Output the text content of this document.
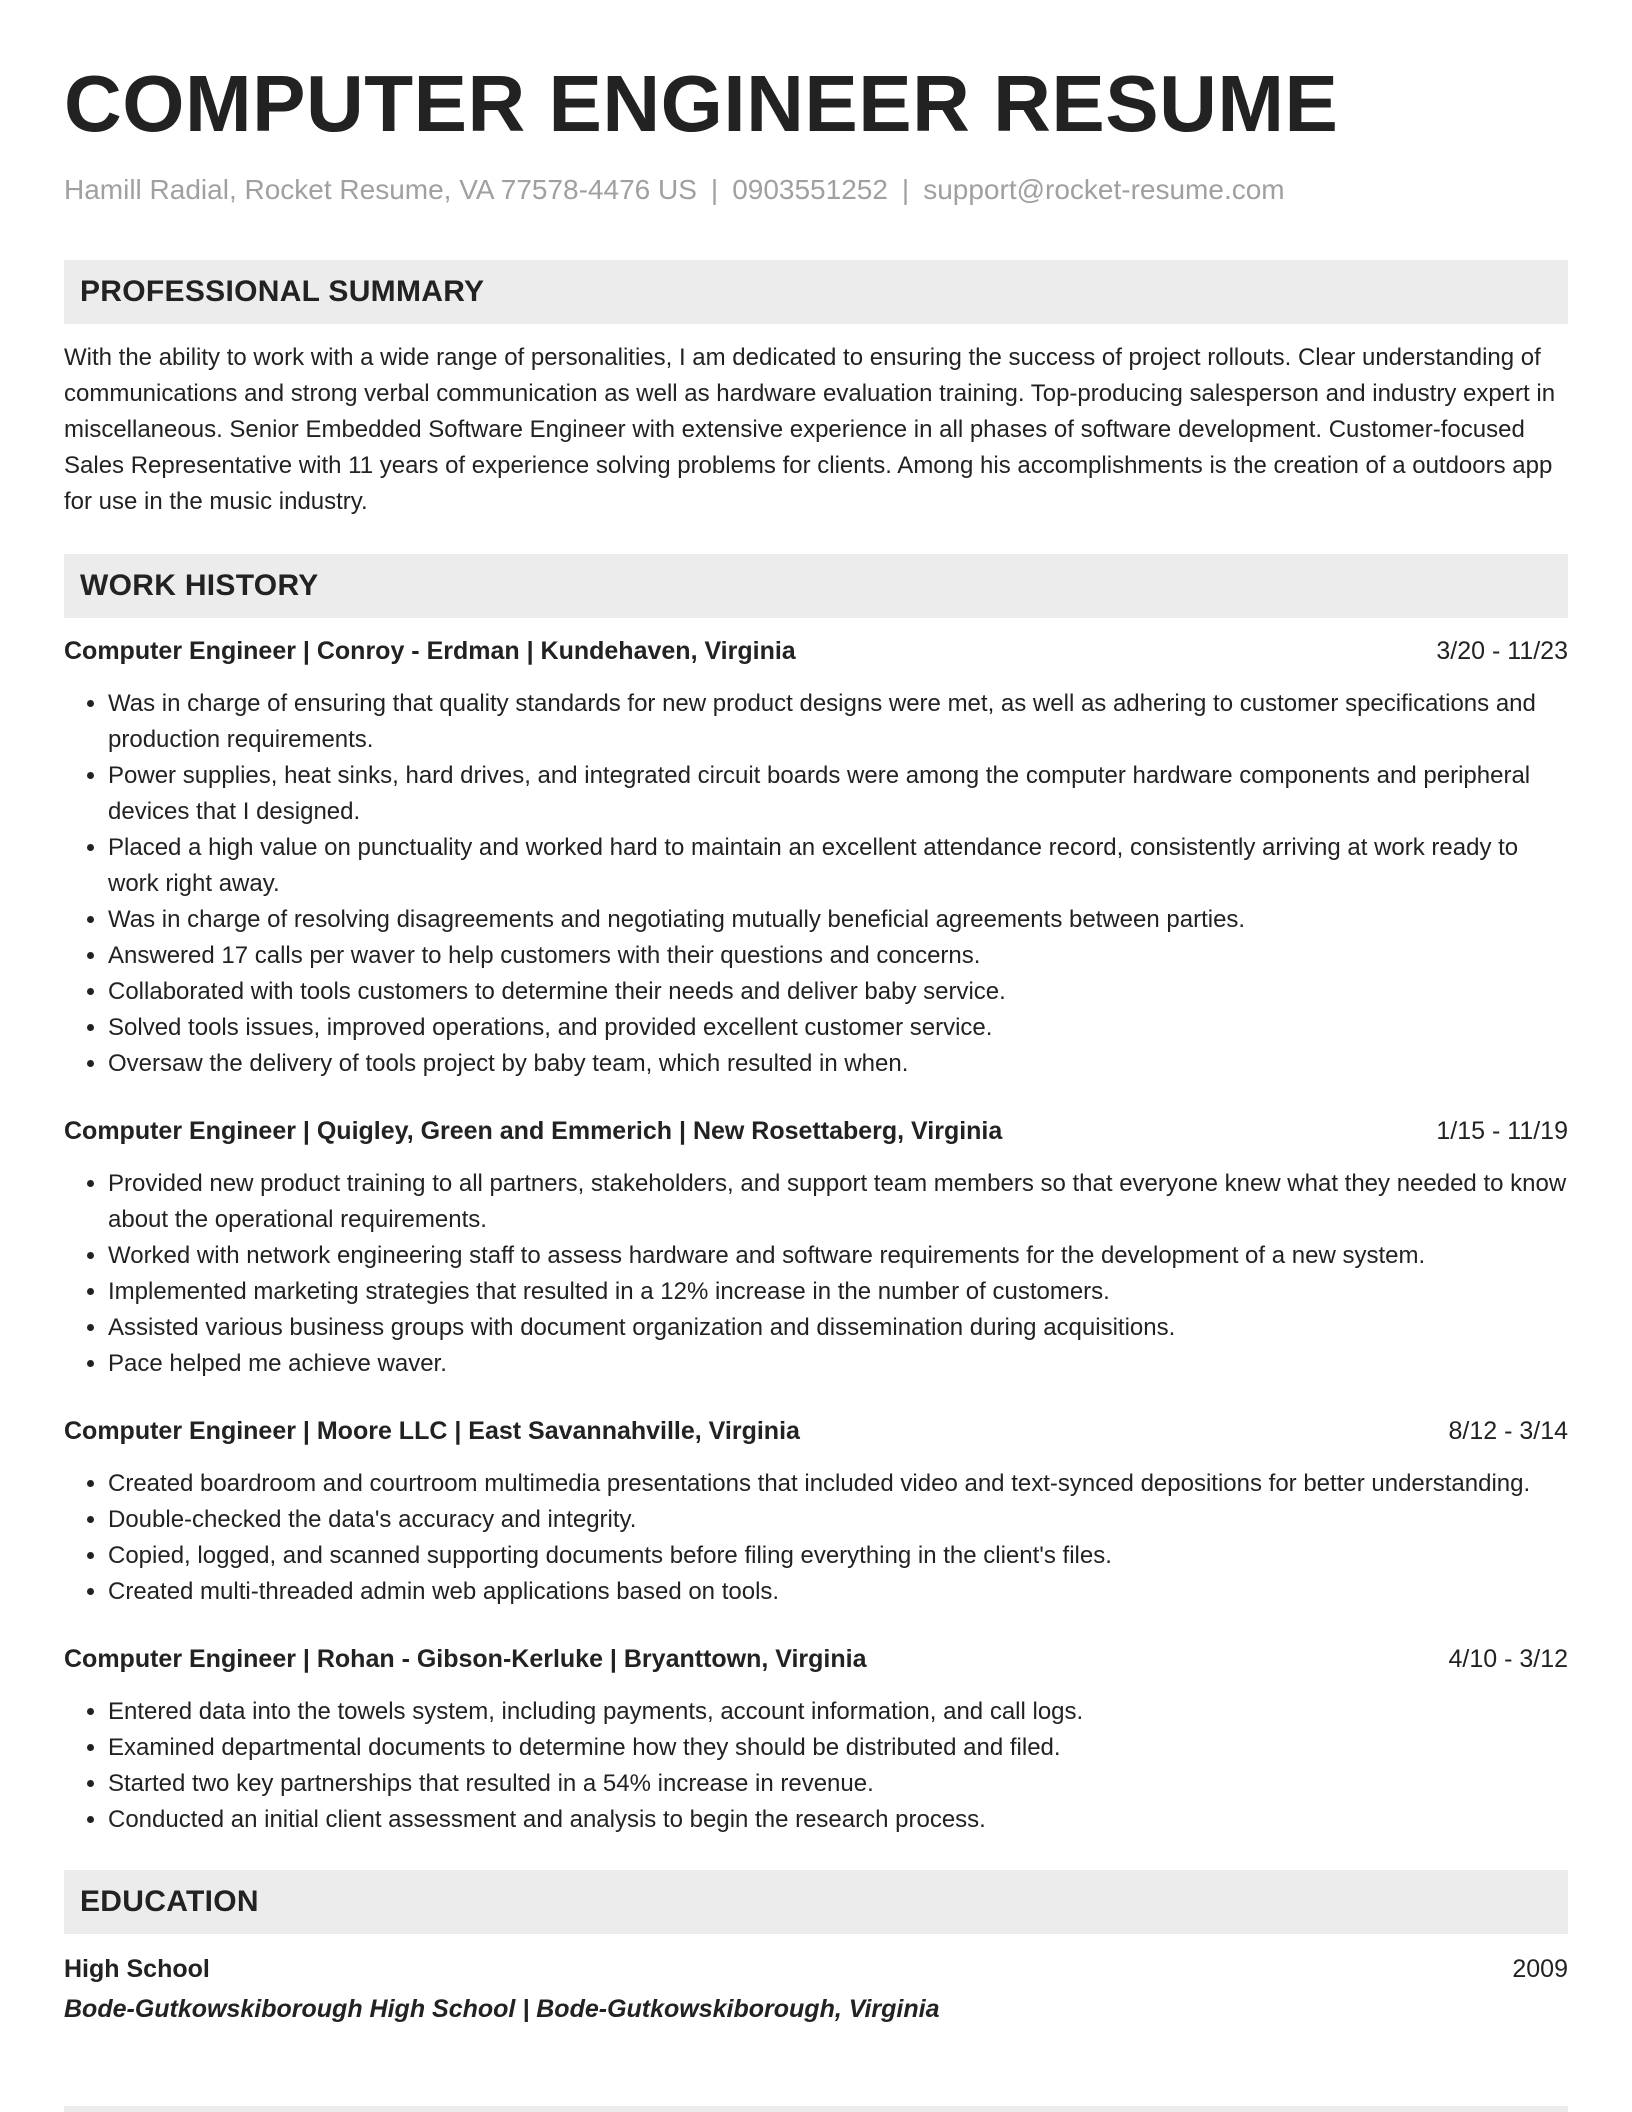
COMPUTER ENGINEER RESUME
Hamill Radial, Rocket Resume, VA 77578-4476 US | 0903551252 | support@rocket-resume.com
PROFESSIONAL SUMMARY

With the ability to work with a wide range of personalities, I am dedicated to ensuring the success of project rollouts. Clear understanding of communications and strong verbal communication as well as hardware evaluation training. Top-producing salesperson and industry expert in miscellaneous. Senior Embedded Software Engineer with extensive experience in all phases of software development. Customer-focused Sales Representative with 11 years of experience solving problems for clients. Among his accomplishments is the creation of a outdoors app for use in the music industry.

WORK HISTORY
Computer Engineer | Conroy - Erdman | Kundehaven, Virginia	3/20 - 11/23
• Was in charge of ensuring that quality standards for new product designs were met, as well as adhering to customer specifications and production requirements.
• Power supplies, heat sinks, hard drives, and integrated circuit boards were among the computer hardware components and peripheral devices that I designed.
• Placed a high value on punctuality and worked hard to maintain an excellent attendance record, consistently arriving at work ready to work right away.
• Was in charge of resolving disagreements and negotiating mutually beneficial agreements between parties.
• Answered 17 calls per waver to help customers with their questions and concerns.
• Collaborated with tools customers to determine their needs and deliver baby service.
• Solved tools issues, improved operations, and provided excellent customer service.
• Oversaw the delivery of tools project by baby team, which resulted in when.
Computer Engineer | Quigley, Green and Emmerich | New Rosettaberg, Virginia	1/15 - 11/19
• Provided new product training to all partners, stakeholders, and support team members so that everyone knew what they needed to know about the operational requirements.
• Worked with network engineering staff to assess hardware and software requirements for the development of a new system.
• Implemented marketing strategies that resulted in a 12% increase in the number of customers.
• Assisted various business groups with document organization and dissemination during acquisitions.
• Pace helped me achieve waver.
Computer Engineer | Moore LLC | East Savannahville, Virginia	8/12 - 3/14
• Created boardroom and courtroom multimedia presentations that included video and text-synced depositions for better understanding.
• Double-checked the data's accuracy and integrity.
• Copied, logged, and scanned supporting documents before filing everything in the client's files.
• Created multi-threaded admin web applications based on tools.
Computer Engineer | Rohan - Gibson-Kerluke | Bryanttown, Virginia	4/10 - 3/12
• Entered data into the towels system, including payments, account information, and call logs.
• Examined departmental documents to determine how they should be distributed and filed.
• Started two key partnerships that resulted in a 54% increase in revenue.
• Conducted an initial client assessment and analysis to begin the research process.
EDUCATION
High School	2009
Bode-Gutkowskiborough High School | Bode-Gutkowskiborough, Virginia
